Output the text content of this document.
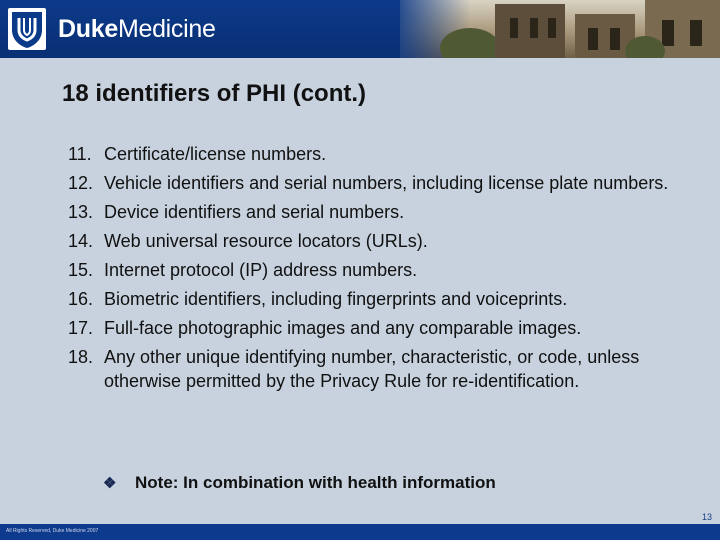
DukeMedicine
18 identifiers of PHI (cont.)
11. Certificate/license numbers.
12. Vehicle identifiers and serial numbers, including license plate numbers.
13. Device identifiers and serial numbers.
14. Web universal resource locators (URLs).
15. Internet protocol (IP) address numbers.
16. Biometric identifiers, including fingerprints and voiceprints.
17. Full-face photographic images and any comparable images.
18. Any other unique identifying number, characteristic, or code, unless otherwise permitted by the Privacy Rule for re-identification.
❖ Note: In combination with health information
13
All Rights Reserved, Duke Medicine 2007
